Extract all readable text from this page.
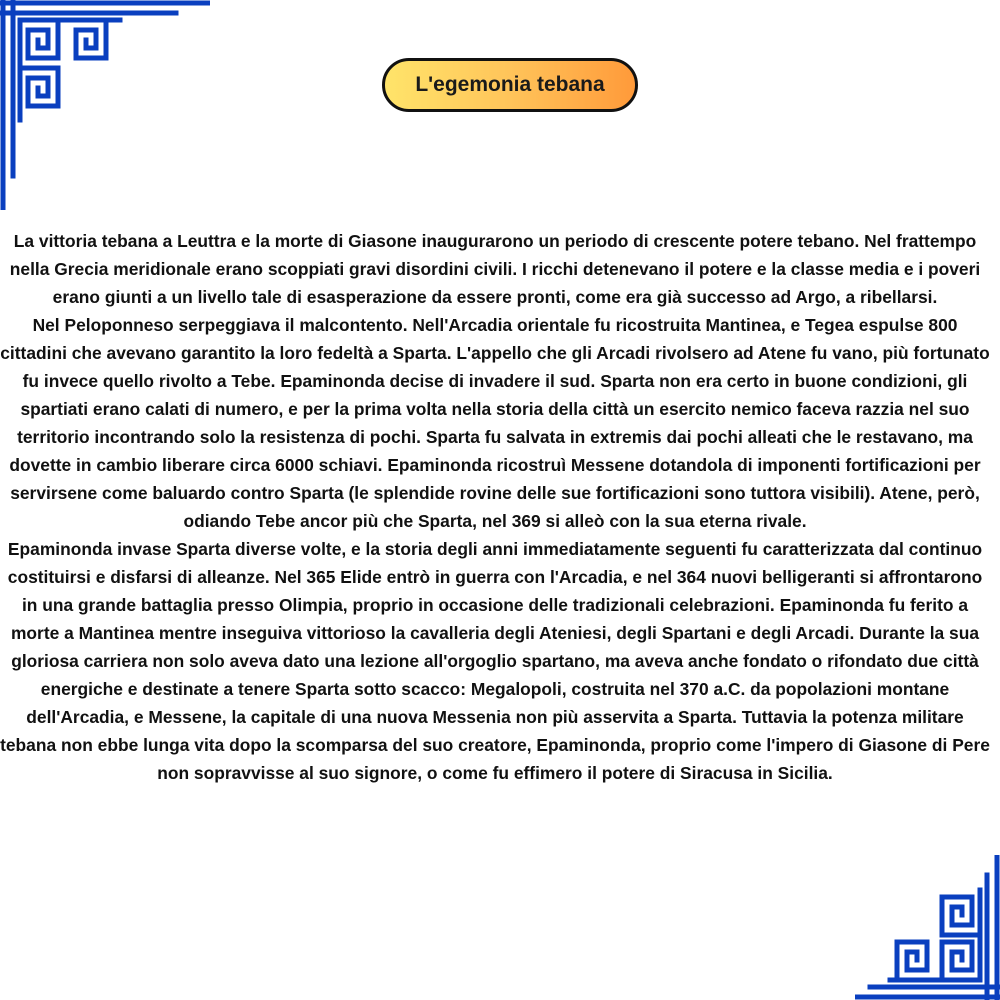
L'egemonia tebana

La vittoria tebana a Leuttra e la morte di Giasone inaugurarono un periodo di crescente potere tebano. Nel frattempo nella Grecia meridionale erano scoppiati gravi disordini civili. I ricchi detenevano il potere e la classe media e i poveri erano giunti a un livello tale di esasperazione da essere pronti, come era già successo ad Argo, a ribellarsi.

Nel Peloponneso serpeggiava il malcontento. Nell'Arcadia orientale fu ricostruita Mantinea, e Tegea espulse 800 cittadini che avevano garantito la loro fedeltà a Sparta. L'appello che gli Arcadi rivolsero ad Atene fu vano, più fortunato fu invece quello rivolto a Tebe. Epaminonda decise di invadere il sud. Sparta non era certo in buone condizioni, gli spartiati erano calati di numero, e per la prima volta nella storia della città un esercito nemico faceva razzia nel suo territorio incontrando solo la resistenza di pochi. Sparta fu salvata in extremis dai pochi alleati che le restavano, ma dovette in cambio liberare circa 6000 schiavi. Epaminonda ricostruì Messene dotandola di imponenti fortificazioni per servirsene come baluardo contro Sparta (le splendide rovine delle sue fortificazioni sono tuttora visibili). Atene, però, odiando Tebe ancor più che Sparta, nel 369 si alleò con la sua eterna rivale.

Epaminonda invase Sparta diverse volte, e la storia degli anni immediatamente seguenti fu caratterizzata dal continuo costituirsi e disfarsi di alleanze. Nel 365 Elide entrò in guerra con l'Arcadia, e nel 364 nuovi belligeranti si affrontarono in una grande battaglia presso Olimpia, proprio in occasione delle tradizionali celebrazioni. Epaminonda fu ferito a morte a Mantinea mentre inseguiva vittorioso la cavalleria degli Ateniesi, degli Spartani e degli Arcadi. Durante la sua gloriosa carriera non solo aveva dato una lezione all'orgoglio spartano, ma aveva anche fondato o rifondato due città energiche e destinate a tenere Sparta sotto scacco: Megalopoli, costruita nel 370 a.C. da popolazioni montane dell'Arcadia, e Messene, la capitale di una nuova Messenia non più asservita a Sparta. Tuttavia la potenza militare tebana non ebbe lunga vita dopo la scomparsa del suo creatore, Epaminonda, proprio come l'impero di Giasone di Pere non sopravvisse al suo signore, o come fu effimero il potere di Siracusa in Sicilia.
